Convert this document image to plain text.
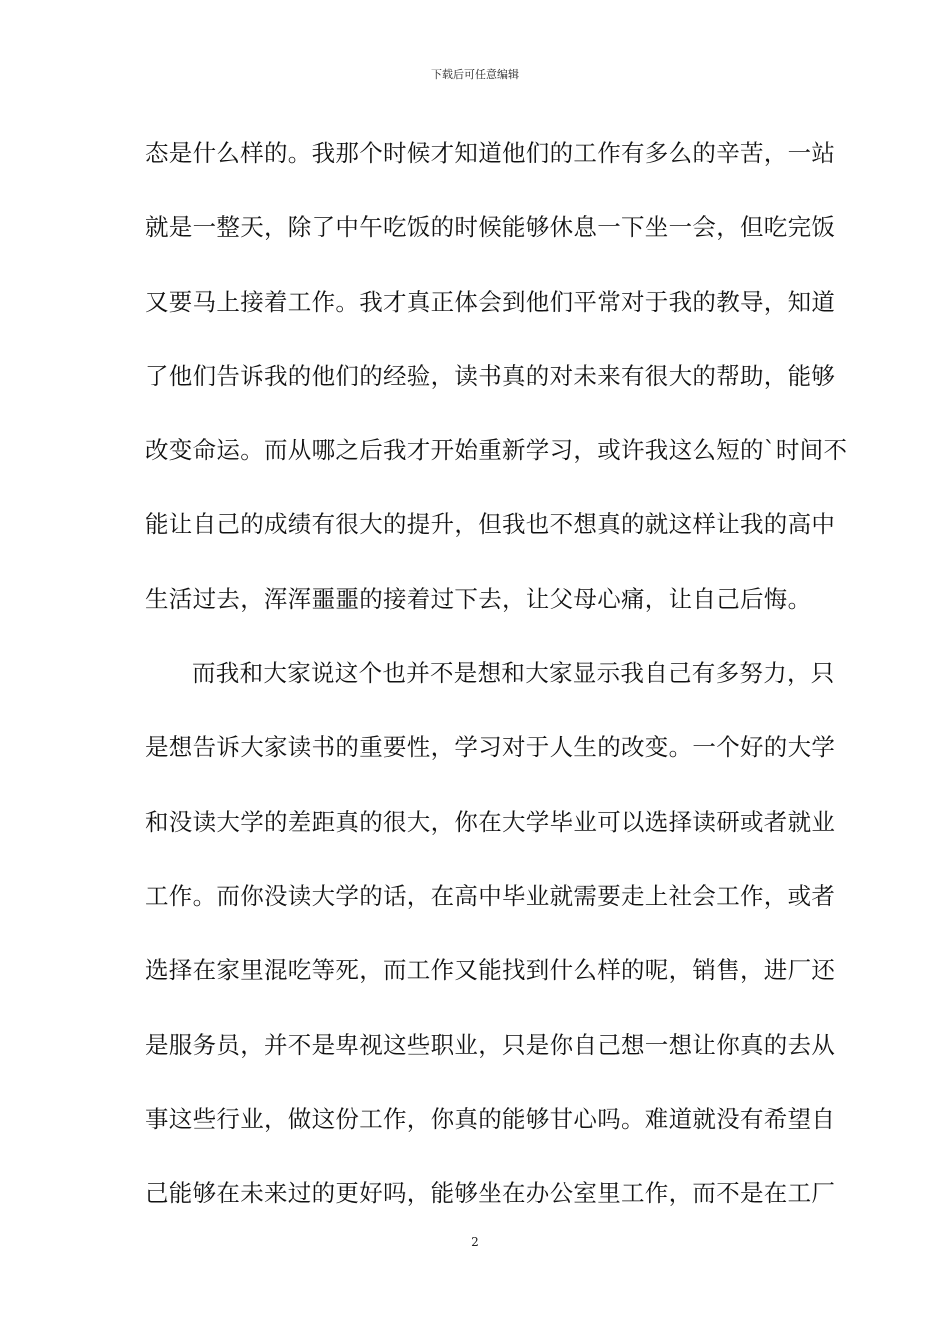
下载后可任意编辑
态是什么样的。我那个时候才知道他们的工作有多么的辛苦，一站
就是一整天，除了中午吃饭的时候能够休息一下坐一会，但吃完饭
又要马上接着工作。我才真正体会到他们平常对于我的教导，知道
了他们告诉我的他们的经验，读书真的对未来有很大的帮助，能够
改变命运。而从哪之后我才开始重新学习，或许我这么短的`时间不
能让自己的成绩有很大的提升，但我也不想真的就这样让我的高中
生活过去，浑浑噩噩的接着过下去，让父母心痛，让自己后悔。
而我和大家说这个也并不是想和大家显示我自己有多努力，只
是想告诉大家读书的重要性，学习对于人生的改变。一个好的大学
和没读大学的差距真的很大，你在大学毕业可以选择读研或者就业
工作。而你没读大学的话，在高中毕业就需要走上社会工作，或者
选择在家里混吃等死，而工作又能找到什么样的呢，销售，进厂还
是服务员，并不是卑视这些职业，只是你自己想一想让你真的去从
事这些行业，做这份工作，你真的能够甘心吗。难道就没有希望自
己能够在未来过的更好吗，能够坐在办公室里工作，而不是在工厂
2
